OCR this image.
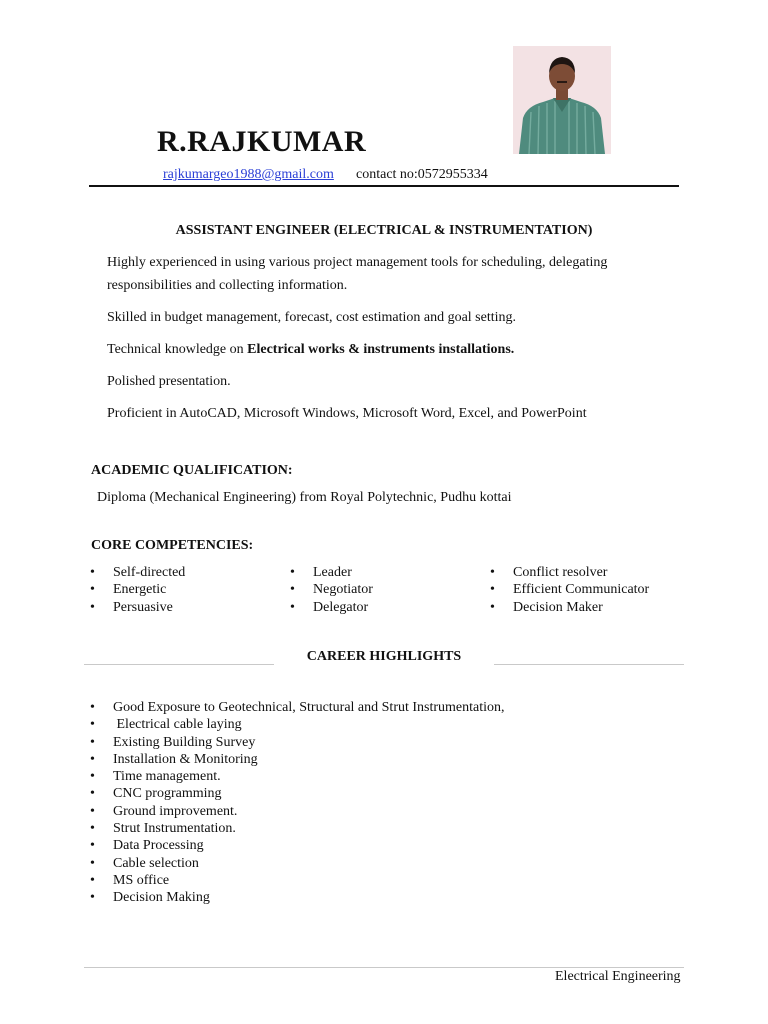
R.RAJKUMAR
rajkumargeo1988@gmail.com contact no:0572955334
ASSISTANT ENGINEER (ELECTRICAL & INSTRUMENTATION)
Highly experienced in using various project management tools for scheduling, delegating
responsibilities and collecting information.
Skilled in budget management, forecast, cost estimation and goal setting.
Technical knowledge on Electrical works & instruments installations.
Polished presentation.
Proficient in AutoCAD, Microsoft Windows, Microsoft Word, Excel, and PowerPoint
ACADEMIC QUALIFICATION:
Diploma (Mechanical Engineering) from Royal Polytechnic, Pudhu kottai
CORE COMPETENCIES:
• Self-directed
• Energetic
• Persuasive
• Leader
• Negotiator
• Delegator
• Conflict resolver
• Efficient Communicator
• Decision Maker
CAREER HIGHLIGHTS
• Good Exposure to Geotechnical, Structural and Strut Instrumentation,
• Electrical cable laying
• Existing Building Survey
• Installation & Monitoring
• Time management.
• CNC programming
• Ground improvement.
• Strut Instrumentation.
• Data Processing
• Cable selection
• MS office
• Decision Making
Electrical Engineering
